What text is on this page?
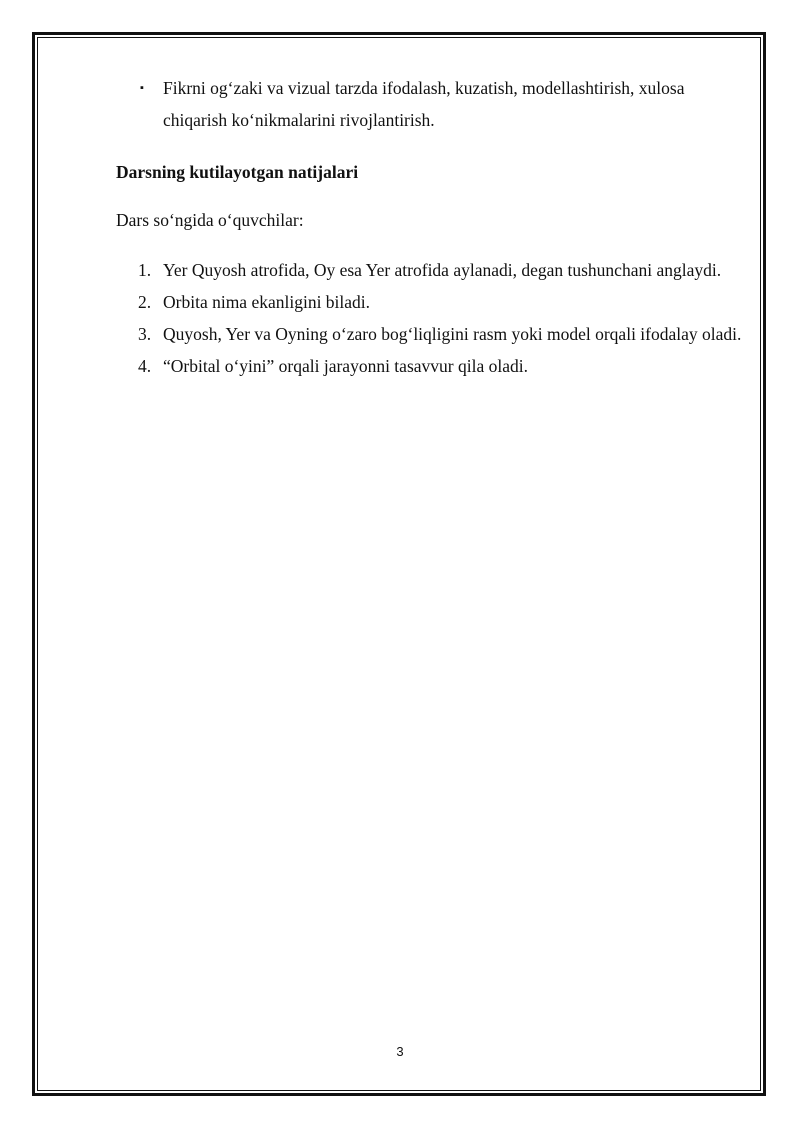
▪ Fikrni og‘zaki va vizual tarzda ifodalash, kuzatish, modellashtirish, xulosa chiqarish ko‘nikmalarini rivojlantirish.
Darsning kutilayotgan natijalari
Dars so‘ngida o‘quvchilar:
1. Yer Quyosh atrofida, Oy esa Yer atrofida aylanadi, degan tushunchani anglaydi.
2. Orbita nima ekanligini biladi.
3. Quyosh, Yer va Oyning o‘zaro bog‘liqligini rasm yoki model orqali ifodalay oladi.
4. “Orbital o‘yini” orqali jarayonni tasavvur qila oladi.
3
